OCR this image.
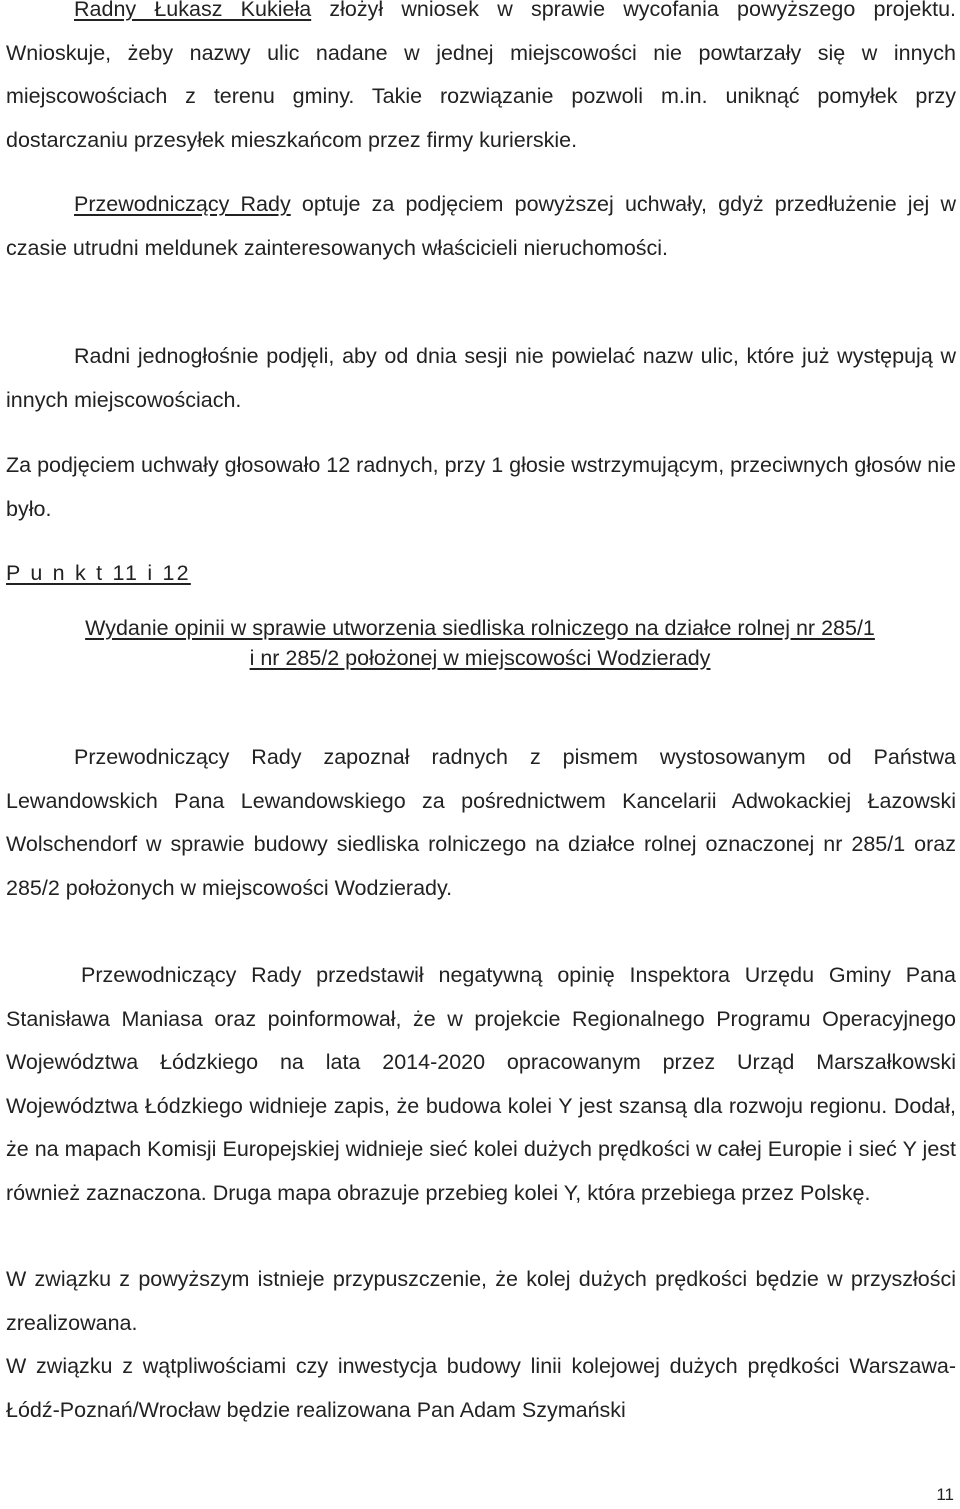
Radny Łukasz Kukieła złożył wniosek w sprawie wycofania powyższego projektu. Wnioskuje, żeby nazwy ulic nadane w jednej miejscowości nie powtarzały się w innych miejscowościach z terenu gminy. Takie rozwiązanie pozwoli m.in. uniknąć pomyłek przy dostarczaniu przesyłek mieszkańcom przez firmy kurierskie.

Przewodniczący Rady optuje za podjęciem powyższej uchwały, gdyż przedłużenie jej w czasie utrudni meldunek zainteresowanych właścicieli nieruchomości.

Radni jednogłośnie podjęli, aby od dnia sesji nie powielać nazw ulic, które już występują w innych miejscowościach.

Za podjęciem uchwały głosowało 12 radnych, przy 1 głosie wstrzymującym, przeciwnych głosów nie było.

P u n k t 11 i 12

Wydanie opinii w sprawie utworzenia siedliska rolniczego na działce rolnej nr 285/1

i nr 285/2 położonej w miejscowości Wodzierady

Przewodniczący Rady zapoznał radnych z pismem wystosowanym od Państwa Lewandowskich Pana Lewandowskiego za pośrednictwem Kancelarii Adwokackiej Łazowski Wolschendorf w sprawie budowy siedliska rolniczego na działce rolnej oznaczonej nr 285/1 oraz 285/2 położonych w miejscowości Wodzierady.

Przewodniczący Rady przedstawił negatywną opinię Inspektora Urzędu Gminy Pana Stanisława Maniasa oraz poinformował, że w projekcie Regionalnego Programu Operacyjnego Województwa Łódzkiego na lata 2014-2020 opracowanym przez Urząd Marszałkowski Województwa Łódzkiego widnieje zapis, że budowa kolei Y jest szansą dla rozwoju regionu. Dodał, że na mapach Komisji Europejskiej widnieje sieć kolei dużych prędkości w całej Europie i sieć Y jest również zaznaczona. Druga mapa obrazuje przebieg kolei Y, która przebiega przez Polskę.

W związku z powyższym istnieje przypuszczenie, że kolej dużych prędkości będzie w przyszłości zrealizowana.

W związku z wątpliwościami czy inwestycja budowy linii kolejowej dużych prędkości Warszawa-Łódź-Poznań/Wrocław będzie realizowana Pan Adam Szymański

11
